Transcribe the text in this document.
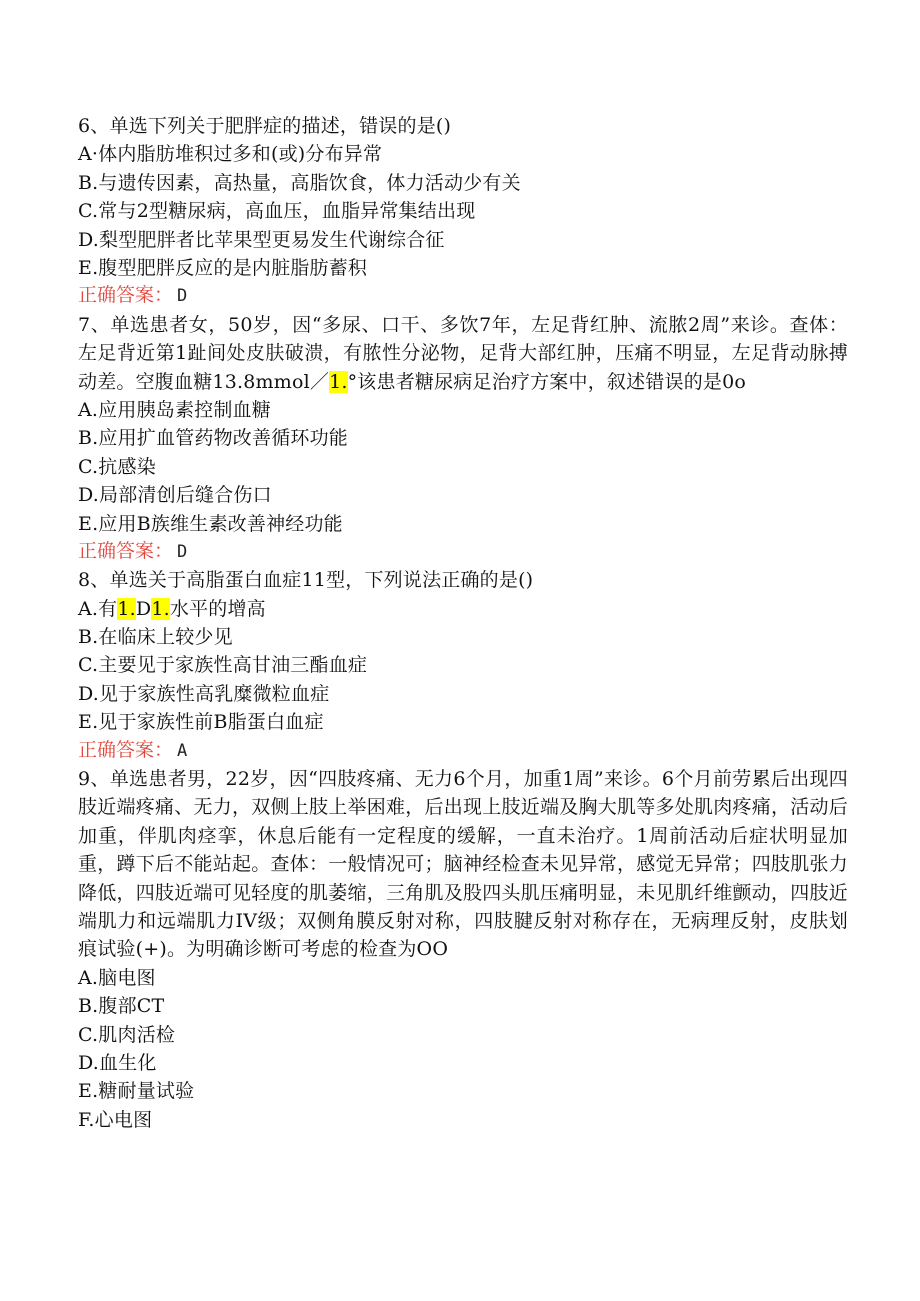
6、单选下列关于肥胖症的描述，错误的是()
A·体内脂肪堆积过多和(或)分布异常
B.与遗传因素，高热量，高脂饮食，体力活动少有关
C.常与2型糖尿病，高血压，血脂异常集结出现
D.梨型肥胖者比苹果型更易发生代谢综合征
E.腹型肥胖反应的是内脏脂肪蓄积
正确答案： D
7、单选患者女，50岁，因“多尿、口干、多饮7年，左足背红肿、流脓2周”来诊。查体：左足背近第1趾间处皮肤破溃，有脓性分泌物，足背大部红肿，压痛不明显，左足背动脉搏动差。空腹血糖13.8mmol／1.°该患者糖尿病足治疗方案中，叙述错误的是0o
A.应用胰岛素控制血糖
B.应用扩血管药物改善循环功能
C.抗感染
D.局部清创后缝合伤口
E.应用B族维生素改善神经功能
正确答案： D
8、单选关于高脂蛋白血症11型，下列说法正确的是()
A.有1.D1.水平的增高
B.在临床上较少见
C.主要见于家族性高甘油三酯血症
D.见于家族性高乳糜微粒血症
E.见于家族性前B脂蛋白血症
正确答案： A
9、单选患者男，22岁，因“四肢疼痛、无力6个月，加重1周”来诊。6个月前劳累后出现四肢近端疼痛、无力，双侧上肢上举困难，后出现上肢近端及胸大肌等多处肌肉疼痛，活动后加重，伴肌肉痉挛，休息后能有一定程度的缓解，一直未治疗。1周前活动后症状明显加重，蹲下后不能站起。查体：一般情况可；脑神经检查未见异常，感觉无异常；四肢肌张力降低，四肢近端可见轻度的肌萎缩，三角肌及股四头肌压痛明显，未见肌纤维颤动，四肢近端肌力和远端肌力IV级；双侧角膜反射对称，四肢腱反射对称存在，无病理反射，皮肤划痕试验(+)。为明确诊断可考虑的检查为OO
A.脑电图
B.腹部CT
C.肌肉活检
D.血生化
E.糖耐量试验
F.心电图
